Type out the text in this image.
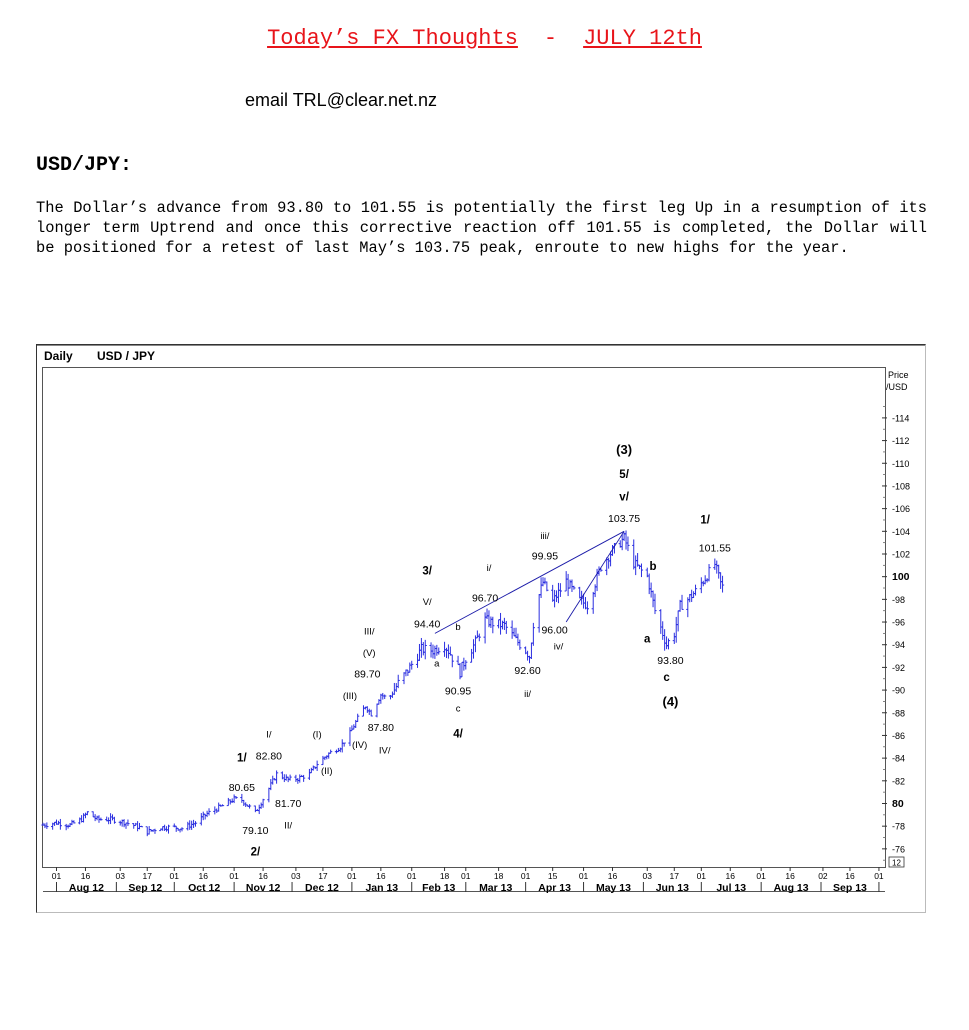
Today’s FX Thoughts - JULY 12th
email TRL@clear.net.nz
USD/JPY:
The Dollar’s advance from 93.80 to 101.55 is potentially the first leg Up in a resumption of its longer term Uptrend and once this corrective reaction off 101.55 is completed, the Dollar will be positioned for a retest of last May’s 103.75 peak, enroute to new highs for the year.
Daily USD / JPY
Price
/USD
-114
-112
-110
-108
-106
-104
-102
100
-98
-96
-94
-92
-90
-88
-86
-84
-82
80
-78
-76
12
01 16	03 17 01 16	01 16	03 17 01 16	01	18 01	18 01 15	01 16	03 17 01 16	01 16	02 16 01
Aug 12 Sep 12 Oct 12 Nov 12 Dec 12	Jan 13 Feb 13 Mar 13 Apr 13 May 13 Jun 13	Jul 13	Aug 13 Sep 13
(3)
5/
v/
103.75	1/
101.55
b
a
93.80
c
(4)
iii/
99.95
i/
96.70
96.00
iv/
92.60
ii/
3/
V/
94.40 b
a
90.95
c
4/
III/
(V)
89.70
(III)
87.80
(IV)
IV/
(I)
(II)
I/
82.80
1/
80.65
81.70
II/
79.10
2/
